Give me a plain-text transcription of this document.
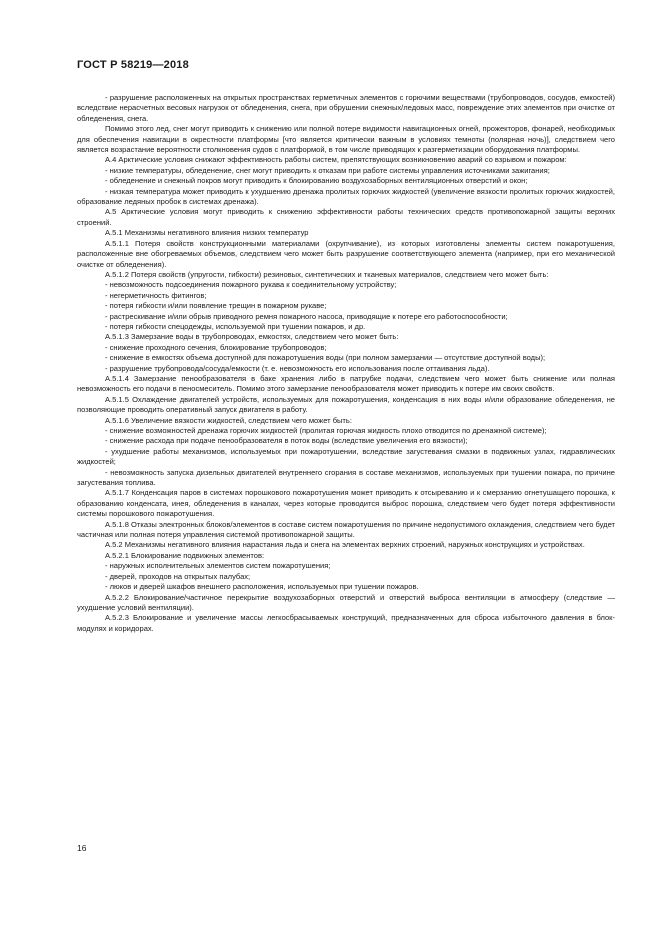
ГОСТ Р 58219—2018

- разрушение расположенных на открытых пространствах герметичных элементов с горючими веществами (трубопроводов, сосудов, емкостей) вследствие нерасчетных весовых нагрузок от обледенения, снега, при обрушении снежных/ледовых масс, повреждение этих элементов при очистке от обледенения, снега.

Помимо этого лед, снег могут приводить к снижению или полной потере видимости навигационных огней, прожекторов, фонарей, необходимых для обеспечения навигации в окрестности платформы [что является критически важным в условиях темноты (полярная ночь)], следствием чего является возрастание вероятности столкновения судов с платформой, в том числе приводящих к разгерметизации оборудования платформы.

А.4 Арктические условия снижают эффективность работы систем, препятствующих возникновению аварий со взрывом и пожаром:

- низкие температуры, обледенение, снег могут приводить к отказам при работе системы управления источниками зажигания;

- обледенение и снежный покров могут приводить к блокированию воздухозаборных вентиляционных отверстий и окон;

- низкая температура может приводить к ухудшению дренажа пролитых горючих жидкостей (увеличение вязкости пролитых горючих жидкостей, образование ледяных пробок в системах дренажа).

А.5 Арктические условия могут приводить к снижению эффективности работы технических средств противопожарной защиты верхних строений.

А.5.1 Механизмы негативного влияния низких температур

А.5.1.1 Потеря свойств конструкционными материалами (охрупчивание), из которых изготовлены элементы систем пожаротушения, расположенные вне обогреваемых объемов, следствием чего может быть разрушение соответствующего элемента (например, при его механической очистке от обледенения).

А.5.1.2 Потеря свойств (упругости, гибкости) резиновых, синтетических и тканевых материалов, следствием чего может быть:

- невозможность подсоединения пожарного рукава к соединительному устройству;

- негерметичность фитингов;

- потеря гибкости и/или появление трещин в пожарном рукаве;

- растрескивание и/или обрыв приводного ремня пожарного насоса, приводящие к потере его работоспособности;

- потеря гибкости спецодежды, используемой при тушении пожаров, и др.

А.5.1.3 Замерзание воды в трубопроводах, емкостях, следствием чего может быть:

- снижение проходного сечения, блокирование трубопроводов;

- снижение в емкостях объема доступной для пожаротушения воды (при полном замерзании — отсутствие доступной воды);

- разрушение трубопровода/сосуда/емкости (т. е. невозможность его использования после оттаивания льда).

А.5.1.4 Замерзание пенообразователя в баке хранения либо в патрубке подачи, следствием чего может быть снижение или полная невозможность его подачи в пеносмеситель. Помимо этого замерзание пенообразователя может приводить к потере им своих свойств.

А.5.1.5 Охлаждение двигателей устройств, используемых для пожаротушения, конденсация в них воды и/или образование обледенения, не позволяющие проводить оперативный запуск двигателя в работу.

А.5.1.6 Увеличение вязкости жидкостей, следствием чего может быть:

- снижение возможностей дренажа горючих жидкостей (пролитая горючая жидкость плохо отводится по дренажной системе);

- снижение расхода при подаче пенообразователя в поток воды (вследствие увеличения его вязкости);

- ухудшение работы механизмов, используемых при пожаротушении, вследствие загустевания смазки в подвижных узлах, гидравлических жидкостей;

- невозможность запуска дизельных двигателей внутреннего сгорания в составе механизмов, используемых при тушении пожара, по причине загустевания топлива.

А.5.1.7 Конденсация паров в системах порошкового пожаротушения может приводить к отсыреванию и к смерзанию огнетушащего порошка, к образованию конденсата, инея, обледенения в каналах, через которые проводится выброс порошка, следствием чего будет потеря эффективности системы порошкового пожаротушения.

А.5.1.8 Отказы электронных блоков/элементов в составе систем пожаротушения по причине недопустимого охлаждения, следствием чего будет частичная или полная потеря управления системой противопожарной защиты.

А.5.2 Механизмы негативного влияния нарастания льда и снега на элементах верхних строений, наружных конструкциях и устройствах.

А.5.2.1 Блокирование подвижных элементов:

- наружных исполнительных элементов систем пожаротушения;

- дверей, проходов на открытых палубах;

- люков и дверей шкафов внешнего расположения, используемых при тушении пожаров.

А.5.2.2 Блокирование/частичное перекрытие воздухозаборных отверстий и отверстий выброса вентиляции в атмосферу (следствие — ухудшение условий вентиляции).

А.5.2.3 Блокирование и увеличение массы легкосбрасываемых конструкций, предназначенных для сброса избыточного давления в блок-модулях и коридорах.

16
